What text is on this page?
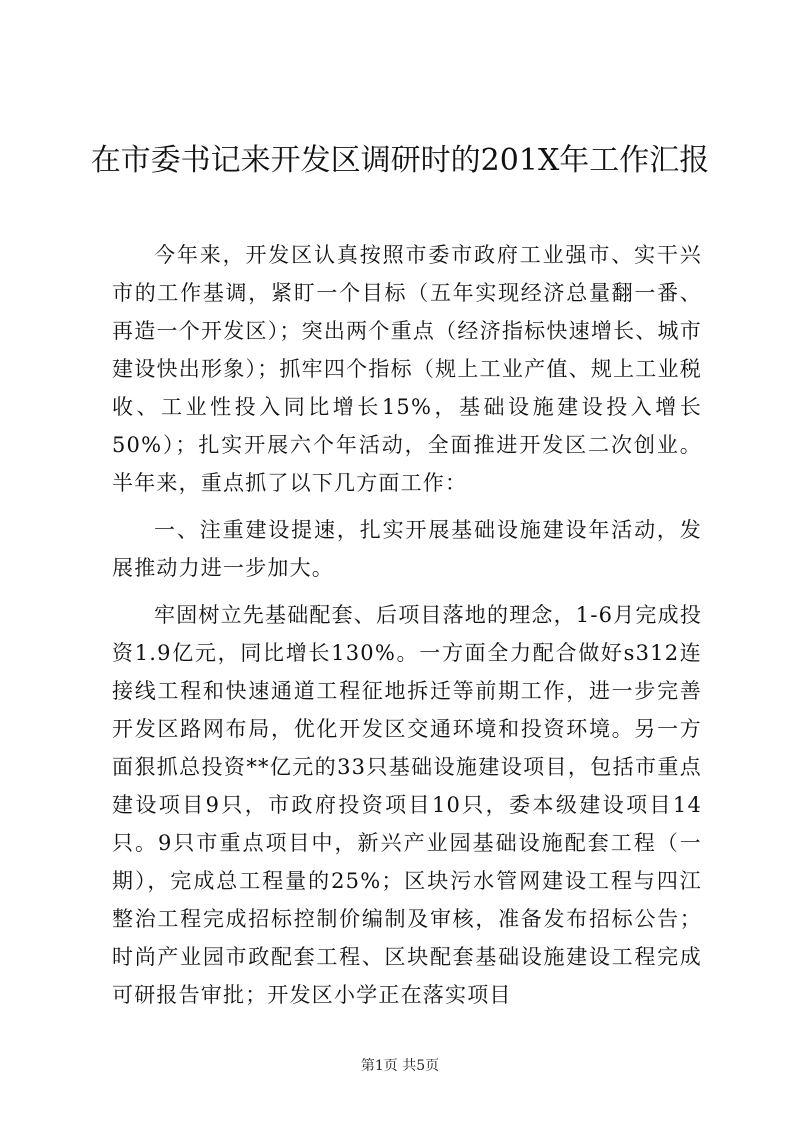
在市委书记来开发区调研时的201X年工作汇报

今年来，开发区认真按照市委市政府工业强市、实干兴市的工作基调，紧盯一个目标（五年实现经济总量翻一番、再造一个开发区）；突出两个重点（经济指标快速增长、城市建设快出形象）；抓牢四个指标（规上工业产值、规上工业税收、工业性投入同比增长15%，基础设施建设投入增长50%）；扎实开展六个年活动，全面推进开发区二次创业。半年来，重点抓了以下几方面工作：

一、注重建设提速，扎实开展基础设施建设年活动，发展推动力进一步加大。

牢固树立先基础配套、后项目落地的理念，1-6月完成投资1.9亿元，同比增长130%。一方面全力配合做好s312连接线工程和快速通道工程征地拆迁等前期工作，进一步完善开发区路网布局，优化开发区交通环境和投资环境。另一方面狠抓总投资**亿元的33只基础设施建设项目，包括市重点建设项目9只，市政府投资项目10只，委本级建设项目14只。9只市重点项目中，新兴产业园基础设施配套工程（一期），完成总工程量的25%；区块污水管网建设工程与四江整治工程完成招标控制价编制及审核，准备发布招标公告；时尚产业园市政配套工程、区块配套基础设施建设工程完成可研报告审批；开发区小学正在落实项目

第1页 共5页
